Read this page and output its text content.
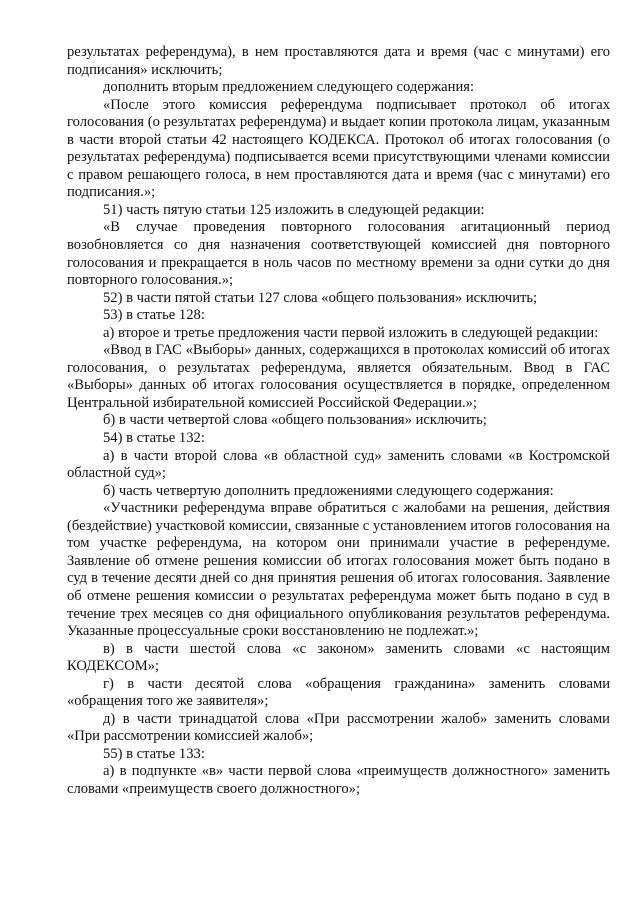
результатах референдума), в нем проставляются дата и время (час с минутами) его подписания» исключить;

дополнить вторым предложением следующего содержания:

«После этого комиссия референдума подписывает протокол об итогах голосования (о результатах референдума) и выдает копии протокола лицам, указанным в части второй статьи 42 настоящего КОДЕКСА. Протокол об итогах голосования (о результатах референдума) подписывается всеми присутствующими членами комиссии с правом решающего голоса, в нем проставляются дата и время (час с минутами) его подписания.»;

51) часть пятую статьи 125 изложить в следующей редакции:

«В случае проведения повторного голосования агитационный период возобновляется со дня назначения соответствующей комиссией дня повторного голосования и прекращается в ноль часов по местному времени за одни сутки до дня повторного голосования.»;

52) в части пятой статьи 127 слова «общего пользования» исключить;

53) в статье 128:

а) второе и третье предложения части первой изложить в следующей редакции:

«Ввод в ГАС «Выборы» данных, содержащихся в протоколах комиссий об итогах голосования, о результатах референдума, является обязательным. Ввод в ГАС «Выборы» данных об итогах голосования осуществляется в порядке, определенном Центральной избирательной комиссией Российской Федерации.»;

б) в части четвертой слова «общего пользования» исключить;

54) в статье 132:

а) в части второй слова «в областной суд» заменить словами «в Костромской областной суд»;

б) часть четвертую дополнить предложениями следующего содержания:

«Участники референдума вправе обратиться с жалобами на решения, действия (бездействие) участковой комиссии, связанные с установлением итогов голосования на том участке референдума, на котором они принимали участие в референдуме. Заявление об отмене решения комиссии об итогах голосования может быть подано в суд в течение десяти дней со дня принятия решения об итогах голосования. Заявление об отмене решения комиссии о результатах референдума может быть подано в суд в течение трех месяцев со дня официального опубликования результатов референдума. Указанные процессуальные сроки восстановлению не подлежат.»;

в) в части шестой слова «с законом» заменить словами «с настоящим КОДЕКСОМ»;

г) в части десятой слова «обращения гражданина» заменить словами «обращения того же заявителя»;

д) в части тринадцатой слова «При рассмотрении жалоб» заменить словами «При рассмотрении комиссией жалоб»;

55) в статье 133:

а) в подпункте «в» части первой слова «преимуществ должностного» заменить словами «преимуществ своего должностного»;
